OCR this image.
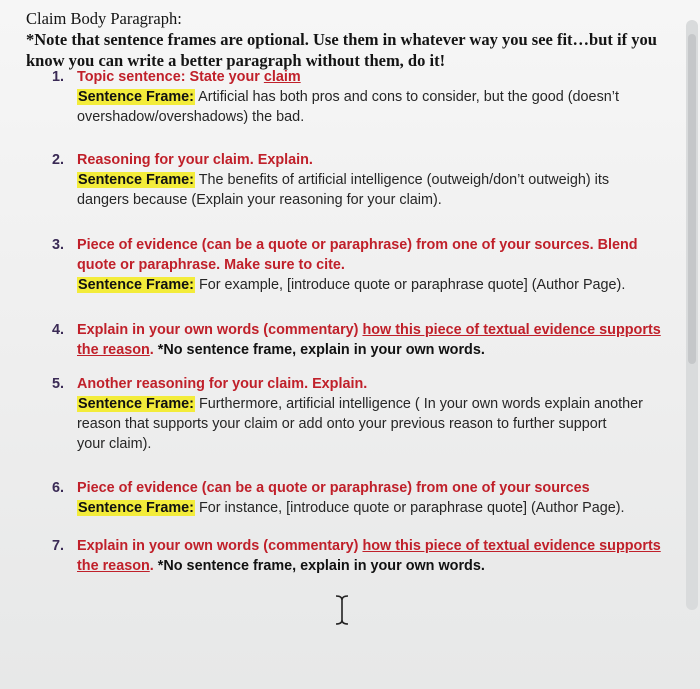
Claim Body Paragraph:
*Note that sentence frames are optional. Use them in whatever way you see fit…but if you
know you can write a better paragraph without them, do it!
1. Topic sentence: State your claim
Sentence Frame: Artificial has both pros and cons to consider, but the good (doesn’t
overshadow/overshadows) the bad.
2. Reasoning for your claim. Explain.
Sentence Frame: The benefits of artificial intelligence (outweigh/don’t outweigh) its
dangers because (Explain your reasoning for your claim).
3. Piece of evidence (can be a quote or paraphrase) from one of your sources. Blend
quote or paraphrase. Make sure to cite.
Sentence Frame: For example, [introduce quote or paraphrase quote] (Author Page).
4. Explain in your own words (commentary) how this piece of textual evidence supports
the reason. *No sentence frame, explain in your own words.
5. Another reasoning for your claim. Explain.
Sentence Frame: Furthermore, artificial intelligence ( In your own words explain another
reason that supports your claim or add onto your previous reason to further support
your claim).
6. Piece of evidence (can be a quote or paraphrase) from one of your sources
Sentence Frame: For instance, [introduce quote or paraphrase quote] (Author Page).
7. Explain in your own words (commentary) how this piece of textual evidence supports
the reason. *No sentence frame, explain in your own words.
